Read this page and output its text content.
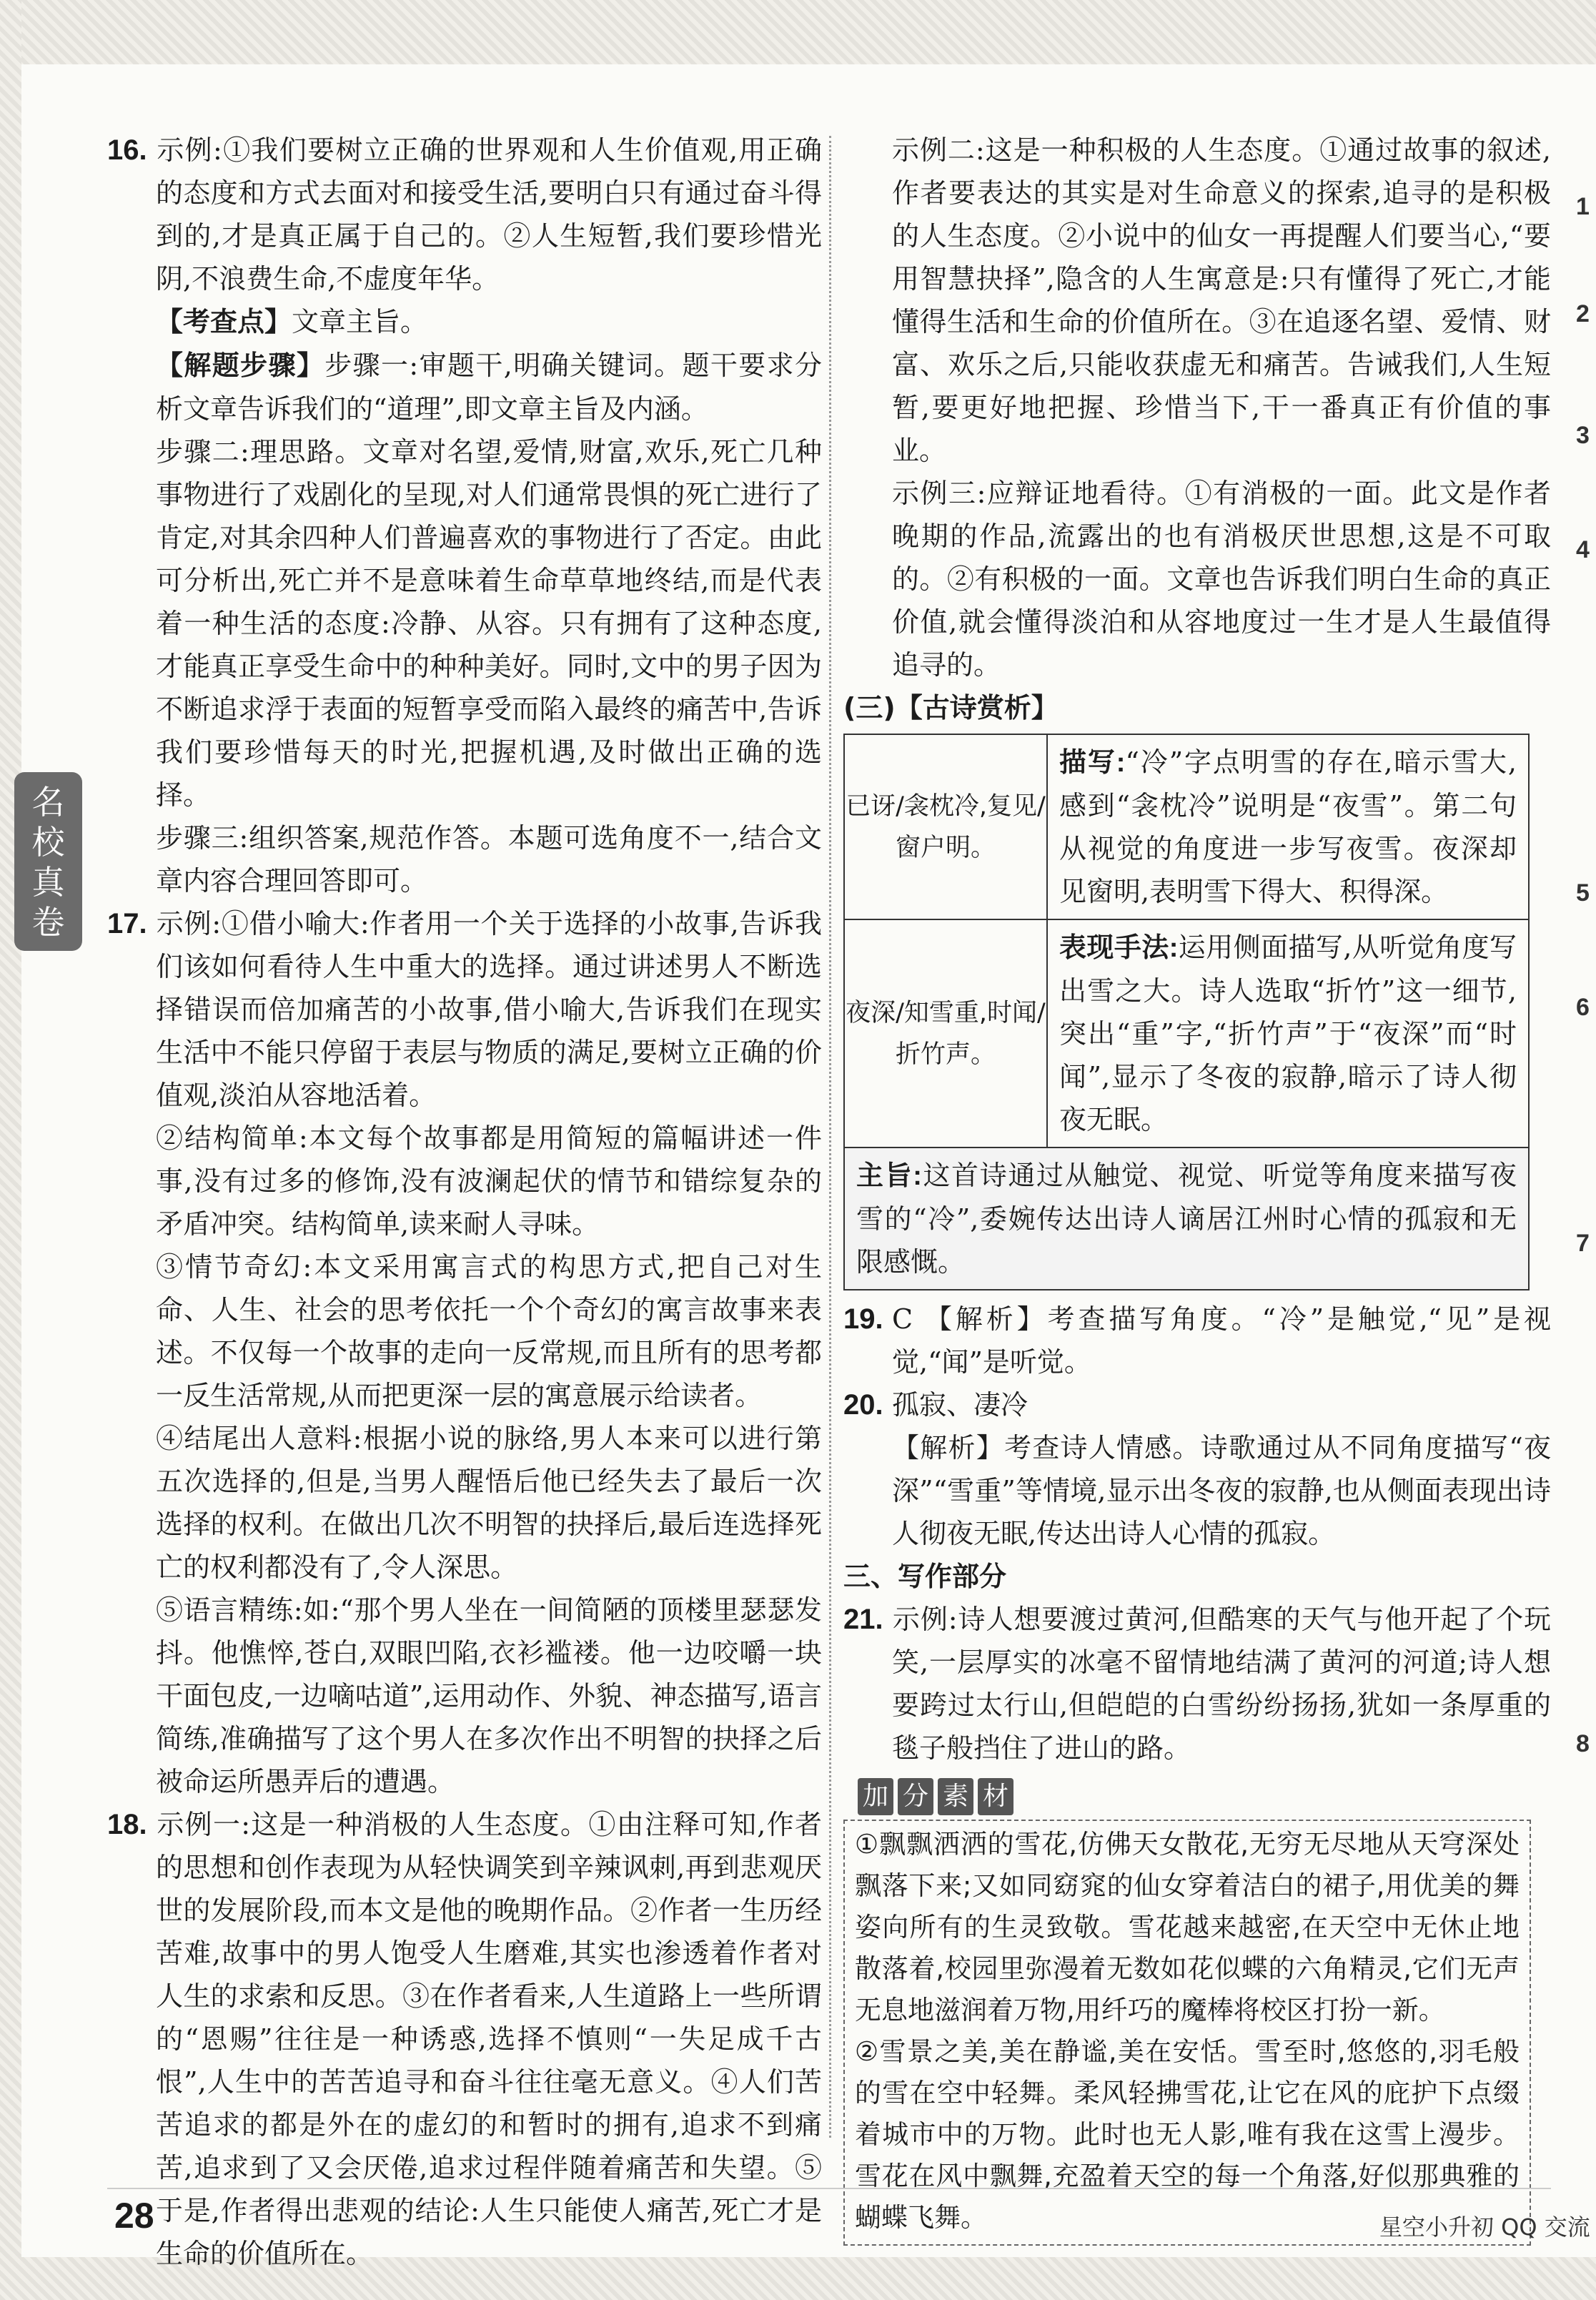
名校真卷

16. 示例:①我们要树立正确的世界观和人生价值观,用正确的态度和方式去面对和接受生活,要明白只有通过奋斗得到的,才是真正属于自己的。②人生短暂,我们要珍惜光阴,不浪费生命,不虚度年华。

【考查点】文章主旨。

【解题步骤】步骤一:审题干,明确关键词。题干要求分析文章告诉我们的“道理”,即文章主旨及内涵。

步骤二:理思路。文章对名望,爱情,财富,欢乐,死亡几种事物进行了戏剧化的呈现,对人们通常畏惧的死亡进行了肯定,对其余四种人们普遍喜欢的事物进行了否定。由此可分析出,死亡并不是意味着生命草草地终结,而是代表着一种生活的态度:冷静、从容。只有拥有了这种态度,才能真正享受生命中的种种美好。同时,文中的男子因为不断追求浮于表面的短暂享受而陷入最终的痛苦中,告诉我们要珍惜每天的时光,把握机遇,及时做出正确的选择。

步骤三:组织答案,规范作答。本题可选角度不一,结合文章内容合理回答即可。

17. 示例:①借小喻大:作者用一个关于选择的小故事,告诉我们该如何看待人生中重大的选择。通过讲述男人不断选择错误而倍加痛苦的小故事,借小喻大,告诉我们在现实生活中不能只停留于表层与物质的满足,要树立正确的价值观,淡泊从容地活着。

②结构简单:本文每个故事都是用简短的篇幅讲述一件事,没有过多的修饰,没有波澜起伏的情节和错综复杂的矛盾冲突。结构简单,读来耐人寻味。

③情节奇幻:本文采用寓言式的构思方式,把自己对生命、人生、社会的思考依托一个个奇幻的寓言故事来表述。不仅每一个故事的走向一反常规,而且所有的思考都一反生活常规,从而把更深一层的寓意展示给读者。

④结尾出人意料:根据小说的脉络,男人本来可以进行第五次选择的,但是,当男人醒悟后他已经失去了最后一次选择的权利。在做出几次不明智的抉择后,最后连选择死亡的权利都没有了,令人深思。

⑤语言精练:如:“那个男人坐在一间简陋的顶楼里瑟瑟发抖。他憔悴,苍白,双眼凹陷,衣衫褴褛。他一边咬嚼一块干面包皮,一边嘀咕道”,运用动作、外貌、神态描写,语言简练,准确描写了这个男人在多次作出不明智的抉择之后被命运所愚弄后的遭遇。

18. 示例一:这是一种消极的人生态度。①由注释可知,作者的思想和创作表现为从轻快调笑到辛辣讽刺,再到悲观厌世的发展阶段,而本文是他的晚期作品。②作者一生历经苦难,故事中的男人饱受人生磨难,其实也渗透着作者对人生的求索和反思。③在作者看来,人生道路上一些所谓的“恩赐”往往是一种诱惑,选择不慎则“一失足成千古恨”,人生中的苦苦追寻和奋斗往往毫无意义。④人们苦苦追求的都是外在的虚幻的和暂时的拥有,追求不到痛苦,追求到了又会厌倦,追求过程伴随着痛苦和失望。⑤于是,作者得出悲观的结论:人生只能使人痛苦,死亡才是生命的价值所在。

示例二:这是一种积极的人生态度。①通过故事的叙述,作者要表达的其实是对生命意义的探索,追寻的是积极的人生态度。②小说中的仙女一再提醒人们要当心,“要用智慧抉择”,隐含的人生寓意是:只有懂得了死亡,才能懂得生活和生命的价值所在。③在追逐名望、爱情、财富、欢乐之后,只能收获虚无和痛苦。告诫我们,人生短暂,要更好地把握、珍惜当下,干一番真正有价值的事业。

示例三:应辩证地看待。①有消极的一面。此文是作者晚期的作品,流露出的也有消极厌世思想,这是不可取的。②有积极的一面。文章也告诉我们明白生命的真正价值,就会懂得淡泊和从容地度过一生才是人生最值得追寻的。

(三)【古诗赏析】

已讶/衾枕冷,复见/窗户明。	描写:“冷”字点明雪的存在,暗示雪大,感到“衾枕冷”说明是“夜雪”。第二句从视觉的角度进一步写夜雪。夜深却见窗明,表明雪下得大、积得深。
夜深/知雪重,时闻/折竹声。	表现手法:运用侧面描写,从听觉角度写出雪之大。诗人选取“折竹”这一细节,突出“重”字,“折竹声”于“夜深”而“时闻”,显示了冬夜的寂静,暗示了诗人彻夜无眠。
主旨:这首诗通过从触觉、视觉、听觉等角度来描写夜雪的“冷”,委婉传达出诗人谪居江州时心情的孤寂和无限感慨。	

19. C 【解析】考查描写角度。“冷”是触觉,“见”是视觉,“闻”是听觉。

20. 孤寂、凄冷

【解析】考查诗人情感。诗歌通过从不同角度描写“夜深”“雪重”等情境,显示出冬夜的寂静,也从侧面表现出诗人彻夜无眠,传达出诗人心情的孤寂。

三、写作部分

21. 示例:诗人想要渡过黄河,但酷寒的天气与他开起了个玩笑,一层厚实的冰毫不留情地结满了黄河的河道;诗人想要跨过太行山,但皑皑的白雪纷纷扬扬,犹如一条厚重的毯子般挡住了进山的路。

加 分 素 材

①飘飘洒洒的雪花,仿佛天女散花,无穷无尽地从天穹深处飘落下来;又如同窈窕的仙女穿着洁白的裙子,用优美的舞姿向所有的生灵致敬。雪花越来越密,在天空中无休止地散落着,校园里弥漫着无数如花似蝶的六角精灵,它们无声无息地滋润着万物,用纤巧的魔棒将校区打扮一新。

②雪景之美,美在静谧,美在安恬。雪至时,悠悠的,羽毛般的雪在空中轻舞。柔风轻拂雪花,让它在风的庇护下点缀着城市中的万物。此时也无人影,唯有我在这雪上漫步。雪花在风中飘舞,充盈着天空的每一个角落,好似那典雅的蝴蝶飞舞。

28	星空小升初 QQ 交流
1
2
3
4
5
6
7
8
